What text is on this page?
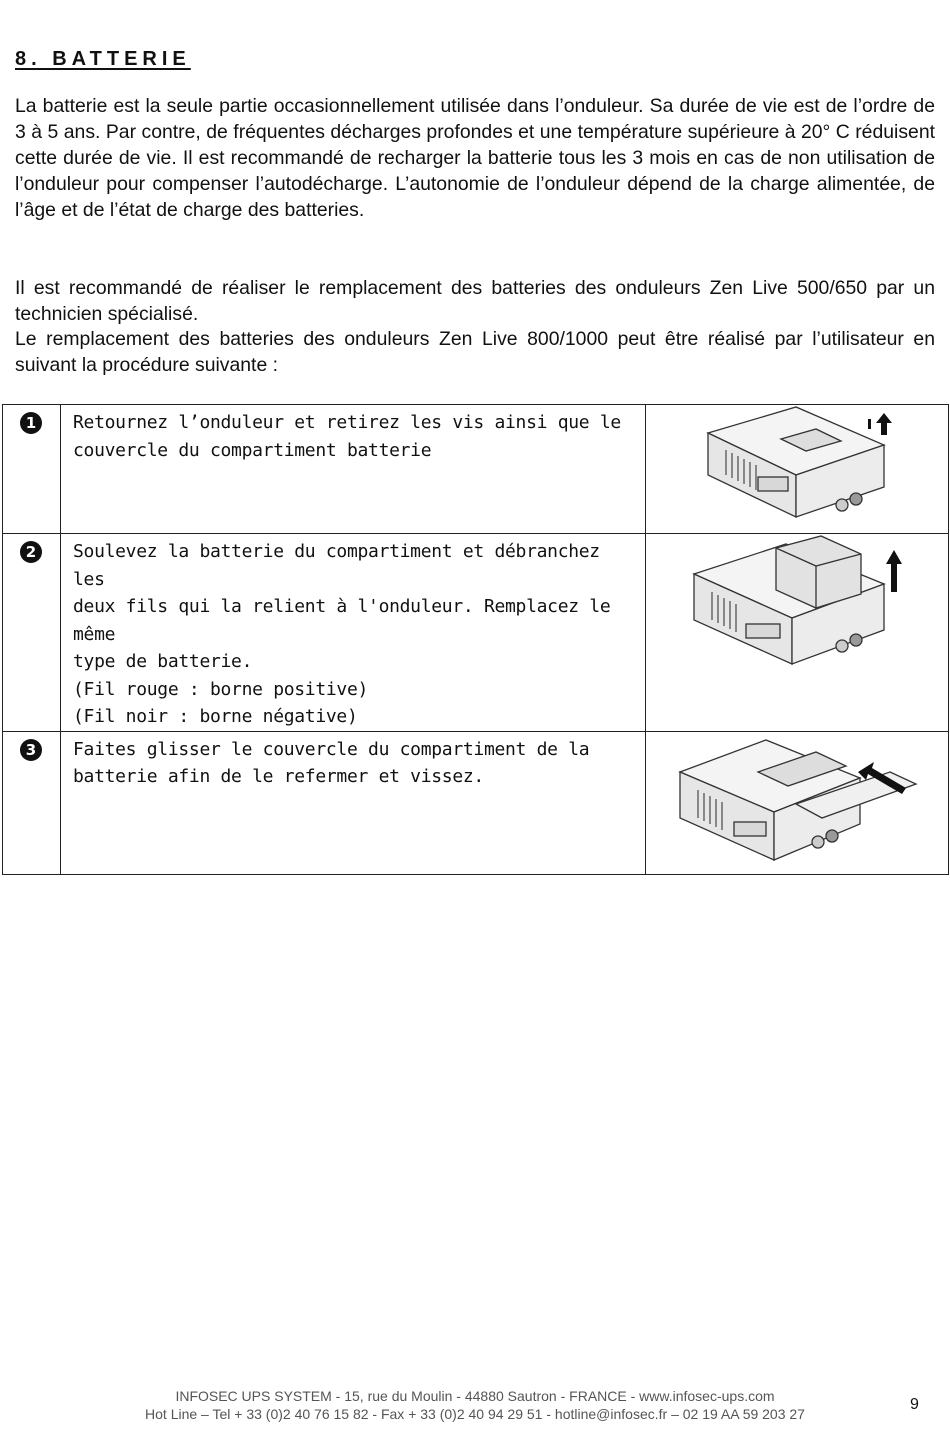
8. BATTERIE

La batterie est la seule partie occasionnellement utilisée dans l’onduleur. Sa durée de vie est de l’ordre de 3 à 5 ans. Par contre, de fréquentes décharges profondes et une température supérieure à 20° C réduisent cette durée de vie. Il est recommandé de recharger la batterie tous les 3 mois en cas de non utilisation de l’onduleur pour compenser l’autodécharge. L’autonomie de l’onduleur dépend de la charge alimentée, de l’âge et de l’état de charge des batteries.

Il est recommandé de réaliser le remplacement des batteries des onduleurs Zen Live 500/650 par un technicien spécialisé.

Le remplacement des batteries des onduleurs Zen Live 800/1000 peut être réalisé par l’utilisateur en suivant la procédure suivante :

1	Retournez l’onduleur et retirez les vis ainsi que le
couvercle du compartiment batterie

2	Soulevez la batterie du compartiment et débranchez les
deux fils qui la relient à l'onduleur. Remplacez le même
type de batterie.
(Fil rouge : borne positive)
(Fil noir : borne négative)

3	Faites glisser le couvercle du compartiment de la
batterie afin de le refermer et vissez.

INFOSEC UPS SYSTEM - 15, rue du Moulin - 44880 Sautron - FRANCE - www.infosec-ups.com
Hot Line – Tel + 33 (0)2 40 76 15 82 - Fax + 33 (0)2 40 94 29 51 - hotline@infosec.fr – 02 19 AA 59 203 27
9
